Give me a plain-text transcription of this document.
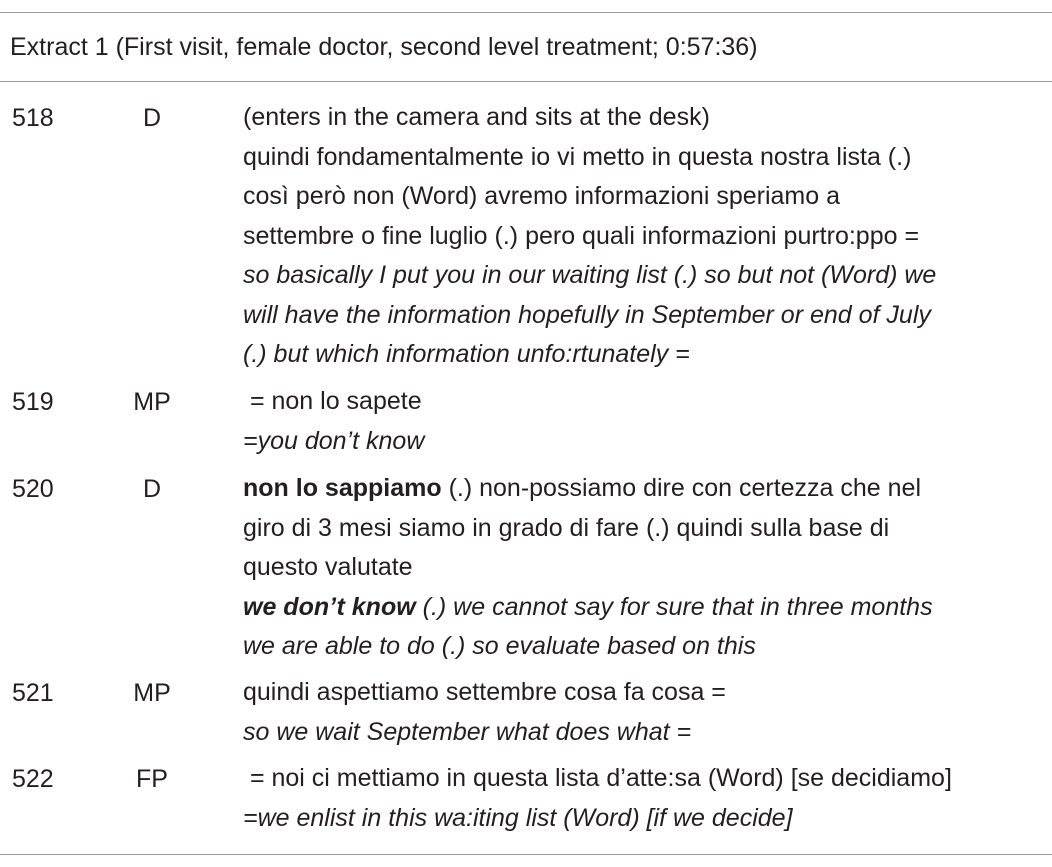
Extract 1 (First visit, female doctor, second level treatment; 0:57:36)
518	D	(enters in the camera and sits at the desk)
quindi fondamentalmente io vi metto in questa nostra lista (.)
così però non (Word) avremo informazioni speriamo a
settembre o fine luglio (.) pero quali informazioni purtro:ppo =
so basically I put you in our waiting list (.) so but not (Word) we
will have the information hopefully in September or end of July
(.) but which information unfo:rtunately =
519	MP	= non lo sapete
=you don’t know
520	D	non lo sappiamo (.) non-possiamo dire con certezza che nel
giro di 3 mesi siamo in grado di fare (.) quindi sulla base di
questo valutate
we don’t know (.) we cannot say for sure that in three months
we are able to do (.) so evaluate based on this
521	MP	quindi aspettiamo settembre cosa fa cosa =
so we wait September what does what =
522	FP	= noi ci mettiamo in questa lista d’atte:sa (Word) [se decidiamo]
=we enlist in this wa:iting list (Word) [if we decide]
